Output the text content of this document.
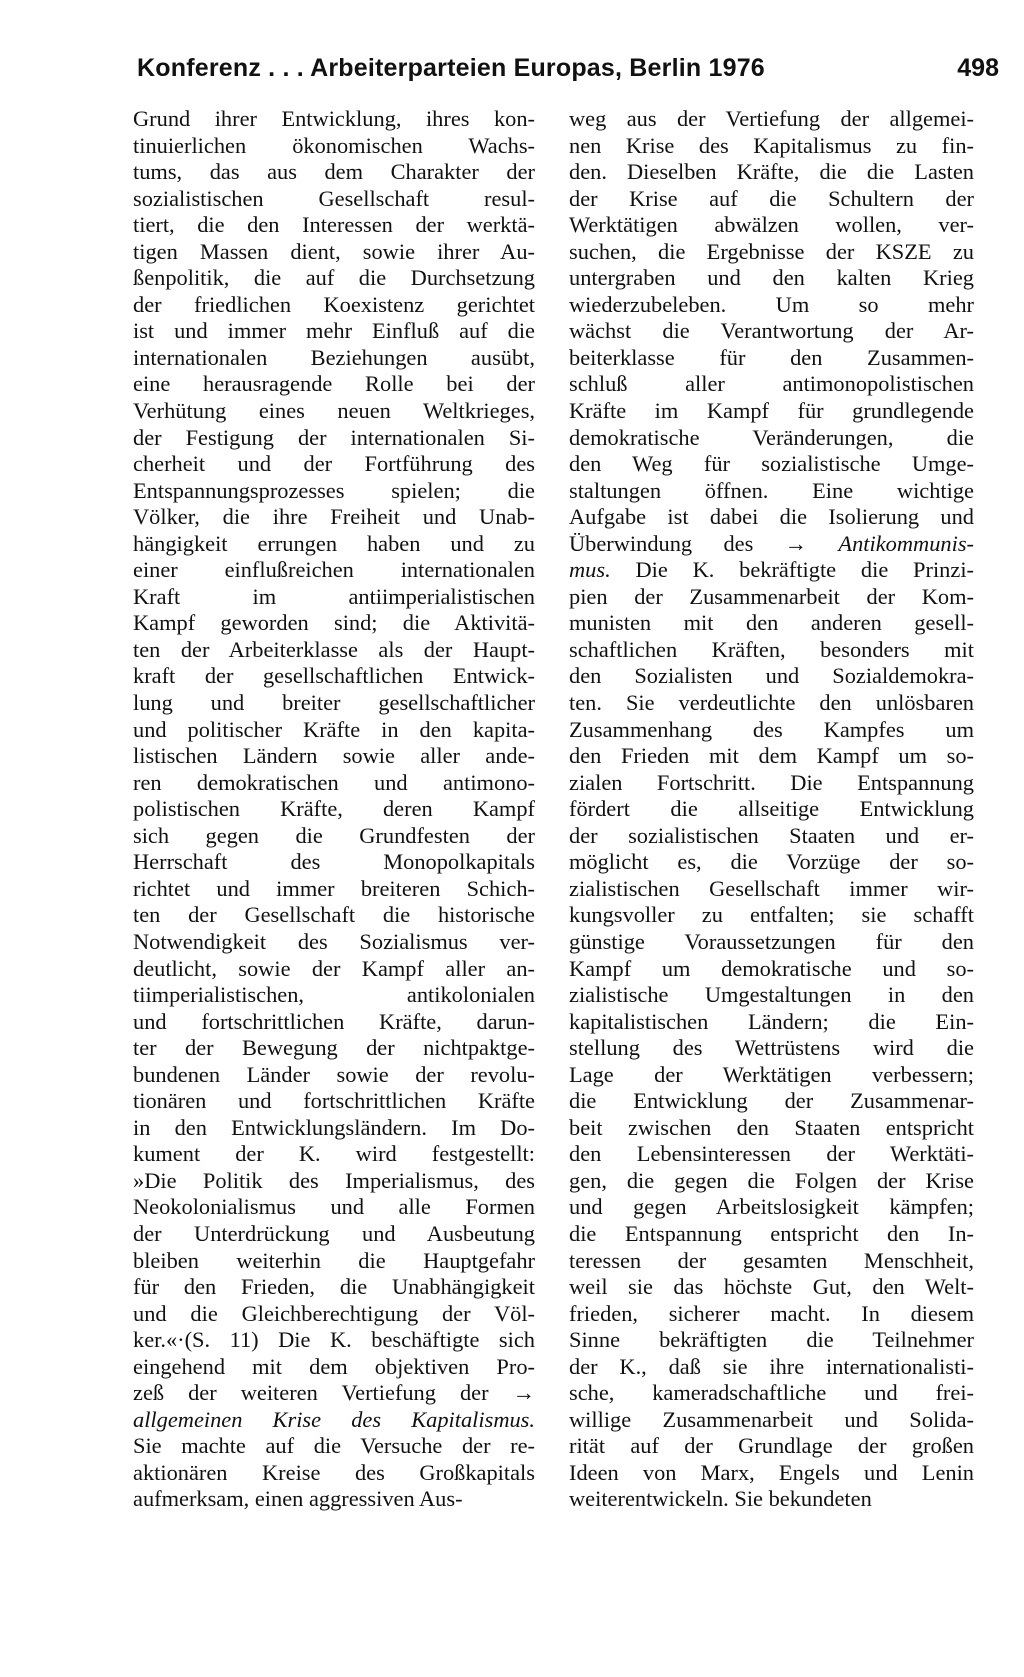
Konferenz . . . Arbeiterparteien Europas, Berlin 1976	498
Grund ihrer Entwicklung, ihres kon-
tinuierlichen ökonomischen Wachs-
tums, das aus dem Charakter der
sozialistischen Gesellschaft resul-
tiert, die den Interessen der werktä-
tigen Massen dient, sowie ihrer Au-
ßenpolitik, die auf die Durchsetzung
der friedlichen Koexistenz gerichtet
ist und immer mehr Einfluß auf die
internationalen Beziehungen ausübt,
eine herausragende Rolle bei der
Verhütung eines neuen Weltkrieges,
der Festigung der internationalen Si-
cherheit und der Fortführung des
Entspannungsprozesses spielen; die
Völker, die ihre Freiheit und Unab-
hängigkeit errungen haben und zu
einer einflußreichen internationalen
Kraft im antiimperialistischen
Kampf geworden sind; die Aktivitä-
ten der Arbeiterklasse als der Haupt-
kraft der gesellschaftlichen Entwick-
lung und breiter gesellschaftlicher
und politischer Kräfte in den kapita-
listischen Ländern sowie aller ande-
ren demokratischen und antimono-
polistischen Kräfte, deren Kampf
sich gegen die Grundfesten der
Herrschaft des Monopolkapitals
richtet und immer breiteren Schich-
ten der Gesellschaft die historische
Notwendigkeit des Sozialismus ver-
deutlicht, sowie der Kampf aller an-
tiimperialistischen, antikolonialen
und fortschrittlichen Kräfte, darun-
ter der Bewegung der nichtpaktge-
bundenen Länder sowie der revolu-
tionären und fortschrittlichen Kräfte
in den Entwicklungsländern. Im Do-
kument der K. wird festgestellt:
»Die Politik des Imperialismus, des
Neokolonialismus und alle Formen
der Unterdrückung und Ausbeutung
bleiben weiterhin die Hauptgefahr
für den Frieden, die Unabhängigkeit
und die Gleichberechtigung der Völ-
ker.«·(S. 11) Die K. beschäftigte sich
eingehend mit dem objektiven Pro-
zeß der weiteren Vertiefung der →
allgemeinen Krise des Kapitalismus.
Sie machte auf die Versuche der re-
aktionären Kreise des Großkapitals
aufmerksam, einen aggressiven Aus-
weg aus der Vertiefung der allgemei-
nen Krise des Kapitalismus zu fin-
den. Dieselben Kräfte, die die Lasten
der Krise auf die Schultern der
Werktätigen abwälzen wollen, ver-
suchen, die Ergebnisse der KSZE zu
untergraben und den kalten Krieg
wiederzubeleben. Um so mehr
wächst die Verantwortung der Ar-
beiterklasse für den Zusammen-
schluß aller antimonopolistischen
Kräfte im Kampf für grundlegende
demokratische Veränderungen, die
den Weg für sozialistische Umge-
staltungen öffnen. Eine wichtige
Aufgabe ist dabei die Isolierung und
Überwindung des → Antikommunis-
mus. Die K. bekräftigte die Prinzi-
pien der Zusammenarbeit der Kom-
munisten mit den anderen gesell-
schaftlichen Kräften, besonders mit
den Sozialisten und Sozialdemokra-
ten. Sie verdeutlichte den unlösbaren
Zusammenhang des Kampfes um
den Frieden mit dem Kampf um so-
zialen Fortschritt. Die Entspannung
fördert die allseitige Entwicklung
der sozialistischen Staaten und er-
möglicht es, die Vorzüge der so-
zialistischen Gesellschaft immer wir-
kungsvoller zu entfalten; sie schafft
günstige Voraussetzungen für den
Kampf um demokratische und so-
zialistische Umgestaltungen in den
kapitalistischen Ländern; die Ein-
stellung des Wettrüstens wird die
Lage der Werktätigen verbessern;
die Entwicklung der Zusammenar-
beit zwischen den Staaten entspricht
den Lebensinteressen der Werktäti-
gen, die gegen die Folgen der Krise
und gegen Arbeitslosigkeit kämpfen;
die Entspannung entspricht den In-
teressen der gesamten Menschheit,
weil sie das höchste Gut, den Welt-
frieden, sicherer macht. In diesem
Sinne bekräftigten die Teilnehmer
der K., daß sie ihre internationalisti-
sche, kameradschaftliche und frei-
willige Zusammenarbeit und Solida-
rität auf der Grundlage der großen
Ideen von Marx, Engels und Lenin
weiterentwickeln. Sie bekundeten
